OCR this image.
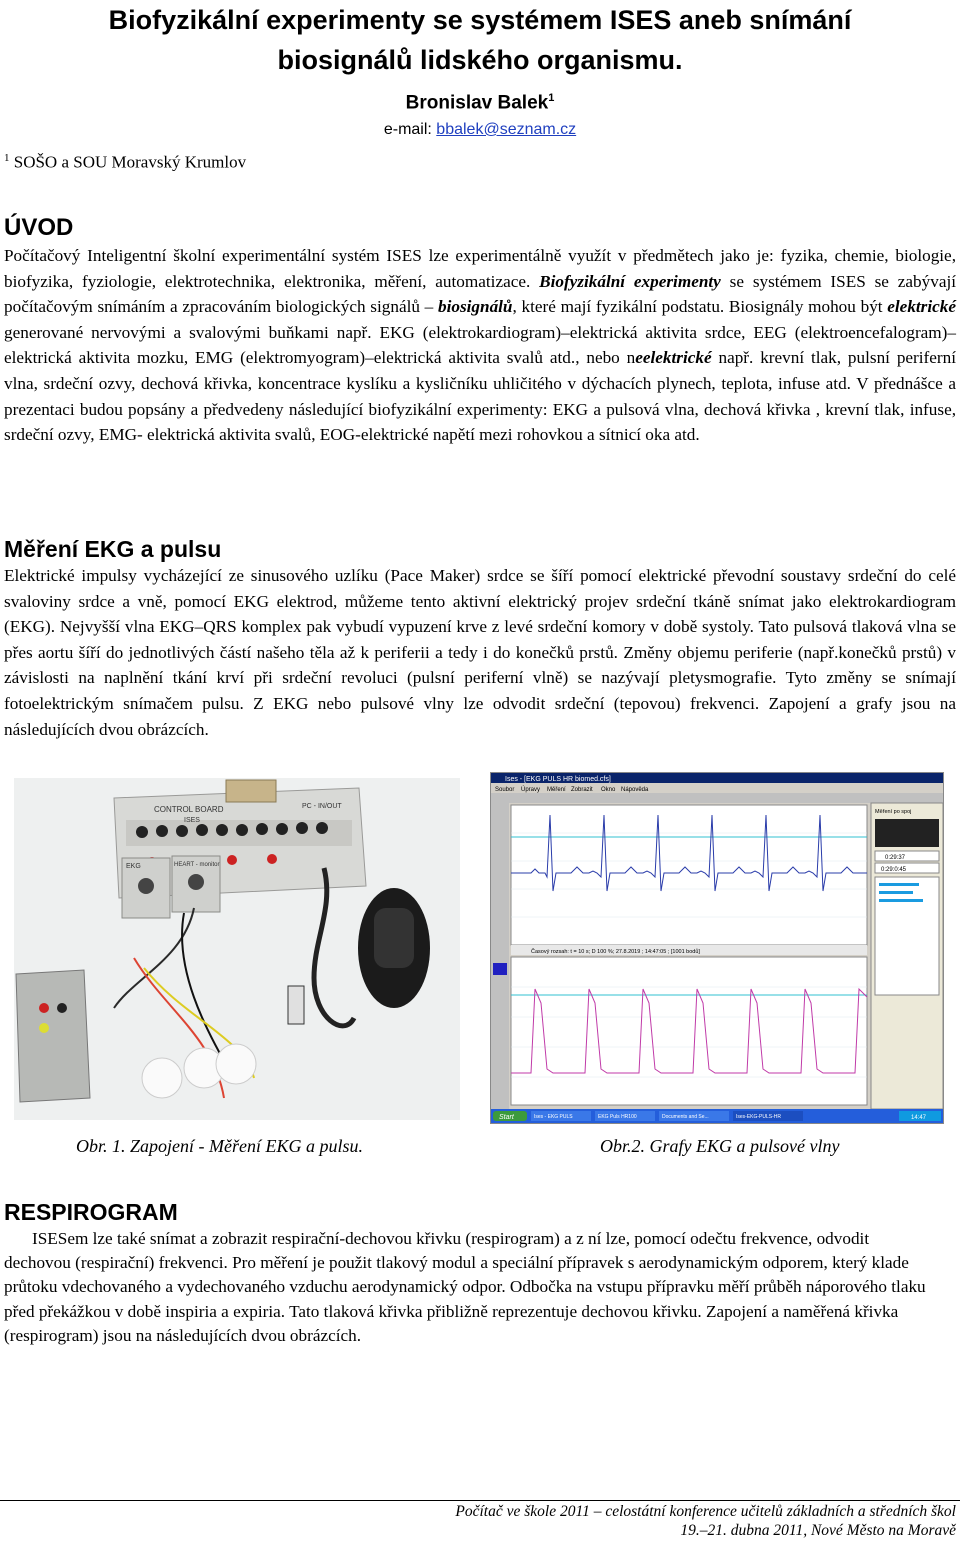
Biofyzikální experimenty se systémem ISES aneb snímání
biosignálů lidského organismu.
Bronislav Balek$^1$
e-mail: bbalek@seznam.cz
$^1$ SOŠO a SOU Moravský Krumlov
ÚVOD
Počítačový Inteligentní školní experimentální systém ISES lze experimentálně využít v předmětech jako je: fyzika, chemie, biologie, biofyzika, fyziologie, elektrotechnika, elektronika, měření, automatizace. Biofyzikální experimenty se systémem ISES se zabývají počítačovým snímáním a zpracováním biologických signálů – biosignálů, které mají fyzikální podstatu. Biosignály mohou být elektrické generované nervovými a svalovými buňkami např. EKG (elektrokardiogram)–elektrická aktivita srdce, EEG (elektroencefalogram)–elektrická aktivita mozku, EMG (elektromyogram)–elektrická aktivita svalů atd., nebo neelektrické např. krevní tlak, pulsní periferní vlna, srdeční ozvy, dechová křivka, koncentrace kyslíku a kysličníku uhličitého v dýchacích plynech, teplota, infuse atd. V přednášce a prezentaci budou popsány a předvedeny následující biofyzikální experimenty: EKG a pulsová vlna, dechová křivka , krevní tlak, infuse, srdeční ozvy, EMG- elektrická aktivita svalů, EOG-elektrické napětí mezi rohovkou a sítnicí oka atd.
Měření EKG a pulsu
Elektrické impulsy vycházející ze sinusového uzlíku (Pace Maker) srdce se šíří pomocí elektrické převodní soustavy srdeční do celé svaloviny srdce a vně, pomocí EKG elektrod, můžeme tento aktivní elektrický projev srdeční tkáně snímat jako elektrokardiogram (EKG). Nejvyšší vlna EKG–QRS komplex pak vybudí vypuzení krve z levé srdeční komory v době systoly. Tato pulsová tlaková vlna se přes aortu šíří do jednotlivých částí našeho těla až k periferii a tedy i do konečků prstů. Změny objemu periferie (např.konečků prstů) v závislosti na naplnění tkání krví při srdeční revoluci (pulsní periferní vlně) se nazývají pletysmografie. Tyto změny se snímají fotoelektrickým snímačem pulsu. Z EKG nebo pulsové vlny lze odvodit srdeční (tepovou) frekvenci. Zapojení a grafy jsou na následujících dvou obrázcích.
CONTROL BOARD
ISES
PC - IN/OUT
EKG	HEART - monitor
Ises - [EKG PULS HR biomed.cfs]
Soubor Úpravy Měření Zobrazit Okno Nápověda
Časový rozsah: t = 10 s; D 100 %; 27.8.2019 ; 14:47:05 ; [1001 bodů]
Měření po spoj
0:29:37
0:29:0:45
Start	Ises - EKG PULS	EKG Puls HR100	Documents and Se...	Ises-EKG-PULS-HR	14:47
Obr. 1. Zapojení - Měření EKG a pulsu.	Obr.2. Grafy EKG a pulsové vlny
RESPIROGRAM
ISESem lze také snímat a zobrazit respirační-dechovou křivku (respirogram) a z ní lze, pomocí odečtu frekvence, odvodit dechovou (respirační) frekvenci. Pro měření je použit tlakový modul a speciální přípravek s aerodynamickým odporem, který klade průtoku vdechovaného a vydechovaného vzduchu aerodynamický odpor. Odbočka na vstupu přípravku měří průběh náporového tlaku před překážkou v době inspiria a expiria. Tato tlaková křivka přibližně reprezentuje dechovou křivku. Zapojení a naměřená křivka (respirogram) jsou na následujících dvou obrázcích.
Počítač ve škole 2011 – celostátní konference učitelů základních a středních škol
19.–21. dubna 2011, Nové Město na Moravě
